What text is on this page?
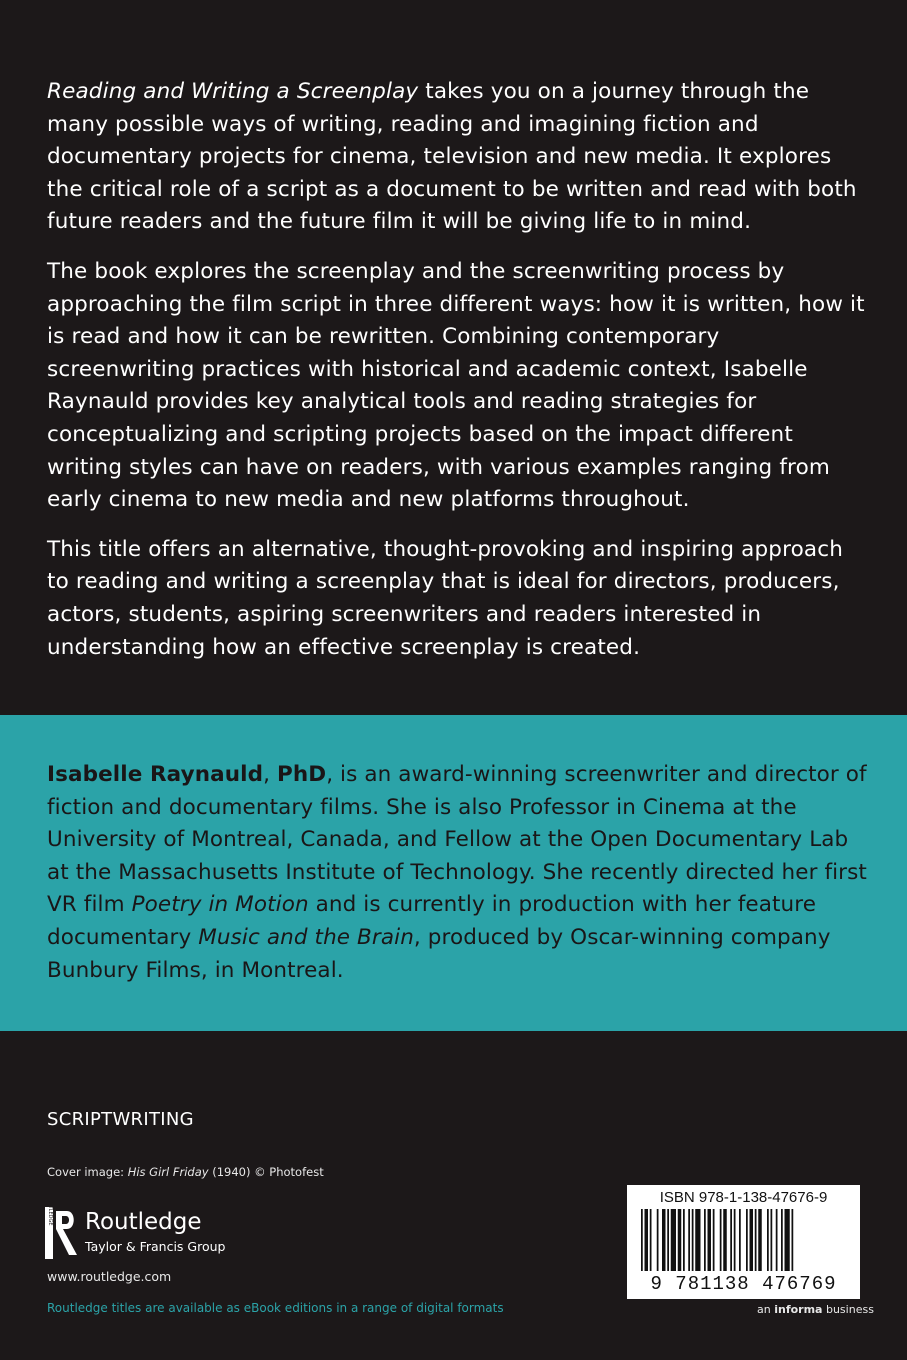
Reading and Writing a Screenplay takes you on a journey through the many possible ways of writing, reading and imagining fiction and documentary projects for cinema, television and new media. It explores the critical role of a script as a document to be written and read with both future readers and the future film it will be giving life to in mind.

The book explores the screenplay and the screenwriting process by approaching the film script in three different ways: how it is written, how it is read and how it can be rewritten. Combining contemporary screenwriting practices with historical and academic context, Isabelle Raynauld provides key analytical tools and reading strategies for conceptualizing and scripting projects based on the impact different writing styles can have on readers, with various examples ranging from early cinema to new media and new platforms throughout.

This title offers an alternative, thought-provoking and inspiring approach to reading and writing a screenplay that is ideal for directors, producers, actors, students, aspiring screenwriters and readers interested in understanding how an effective screenplay is created.

Isabelle Raynauld, PhD, is an award-winning screenwriter and director of fiction and documentary films. She is also Professor in Cinema at the University of Montreal, Canada, and Fellow at the Open Documentary Lab at the Massachusetts Institute of Technology. She recently directed her first VR film Poetry in Motion and is currently in production with her feature documentary Music and the Brain, produced by Oscar-winning company Bunbury Films, in Montreal.

SCRIPTWRITING
Cover image: His Girl Friday (1940) © Photofest
ROUTLEDGE Routledge
Taylor & Francis Group
www.routledge.com
Routledge titles are available as eBook editions in a range of digital formats
ISBN 978-1-138-47676-9
9 781138 476769
an informa business
